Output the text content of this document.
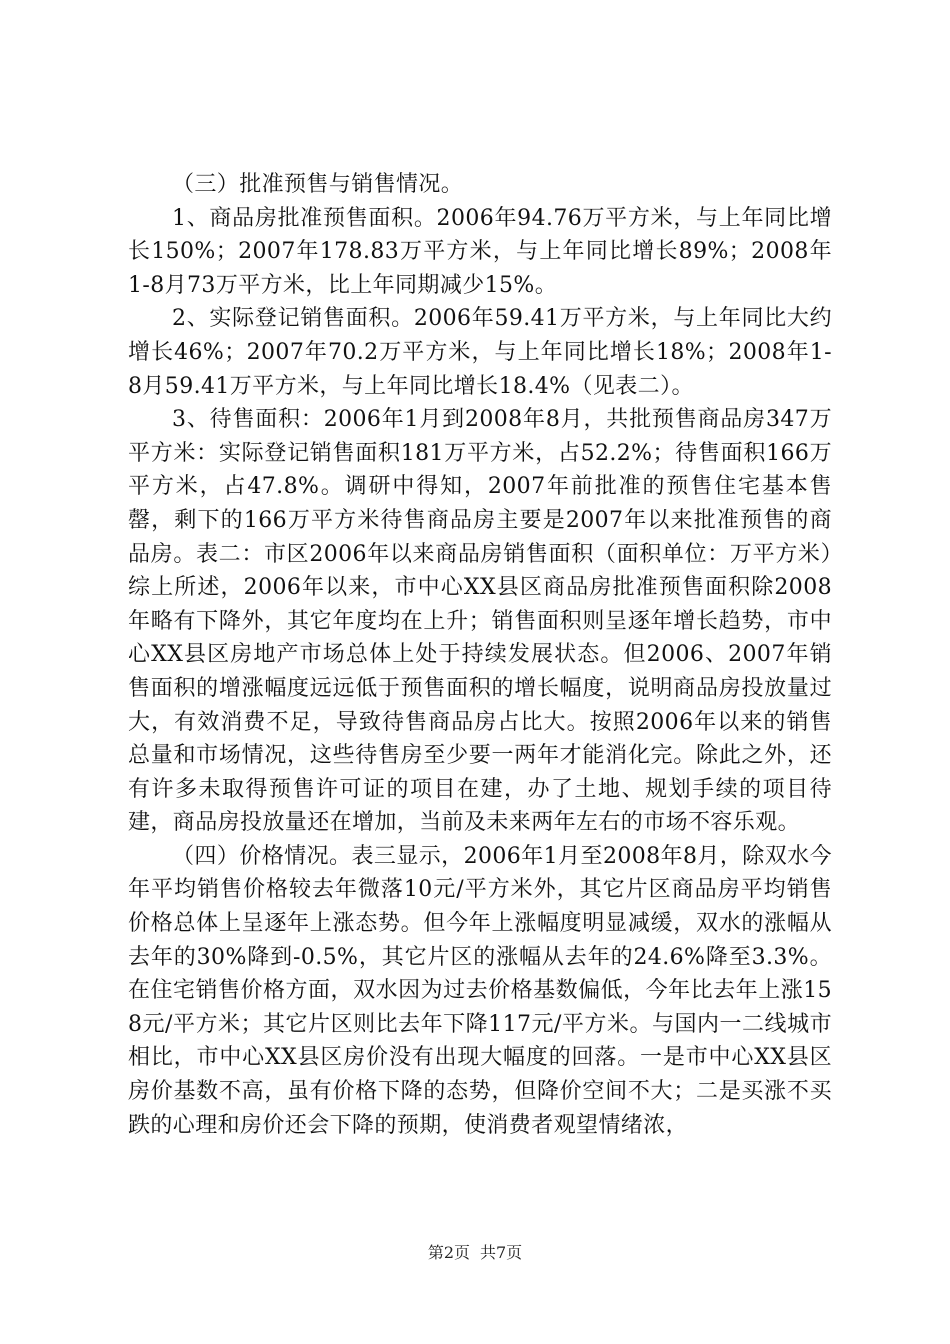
（三）批准预售与销售情况。

1、商品房批准预售面积。2006年94.76万平方米，与上年同比增长150%；2007年178.83万平方米，与上年同比增长89%；2008年1-8月73万平方米，比上年同期减少15%。

2、实际登记销售面积。2006年59.41万平方米，与上年同比大约增长46%；2007年70.2万平方米，与上年同比增长18%；2008年1-8月59.41万平方米，与上年同比增长18.4%（见表二）。

3、待售面积：2006年1月到2008年8月，共批预售商品房347万平方米：实际登记销售面积181万平方米，占52.2%；待售面积166万平方米，占47.8%。调研中得知，2007年前批准的预售住宅基本售罄，剩下的166万平方米待售商品房主要是2007年以来批准预售的商品房。表二：市区2006年以来商品房销售面积（面积单位：万平方米）综上所述，2006年以来，市中心XX县区商品房批准预售面积除2008年略有下降外，其它年度均在上升；销售面积则呈逐年增长趋势，市中心XX县区房地产市场总体上处于持续发展状态。但2006、2007年销售面积的增涨幅度远远低于预售面积的增长幅度，说明商品房投放量过大，有效消费不足，导致待售商品房占比大。按照2006年以来的销售总量和市场情况，这些待售房至少要一两年才能消化完。除此之外，还有许多未取得预售许可证的项目在建，办了土地、规划手续的项目待建，商品房投放量还在增加，当前及未来两年左右的市场不容乐观。

（四）价格情况。表三显示，2006年1月至2008年8月，除双水今年平均销售价格较去年微落10元/平方米外，其它片区商品房平均销售价格总体上呈逐年上涨态势。但今年上涨幅度明显减缓，双水的涨幅从去年的30%降到-0.5%，其它片区的涨幅从去年的24.6%降至3.3%。在住宅销售价格方面，双水因为过去价格基数偏低，今年比去年上涨158元/平方米；其它片区则比去年下降117元/平方米。与国内一二线城市相比，市中心XX县区房价没有出现大幅度的回落。一是市中心XX县区房价基数不高，虽有价格下降的态势，但降价空间不大；二是买涨不买跌的心理和房价还会下降的预期，使消费者观望情绪浓，

第2页 共7页
